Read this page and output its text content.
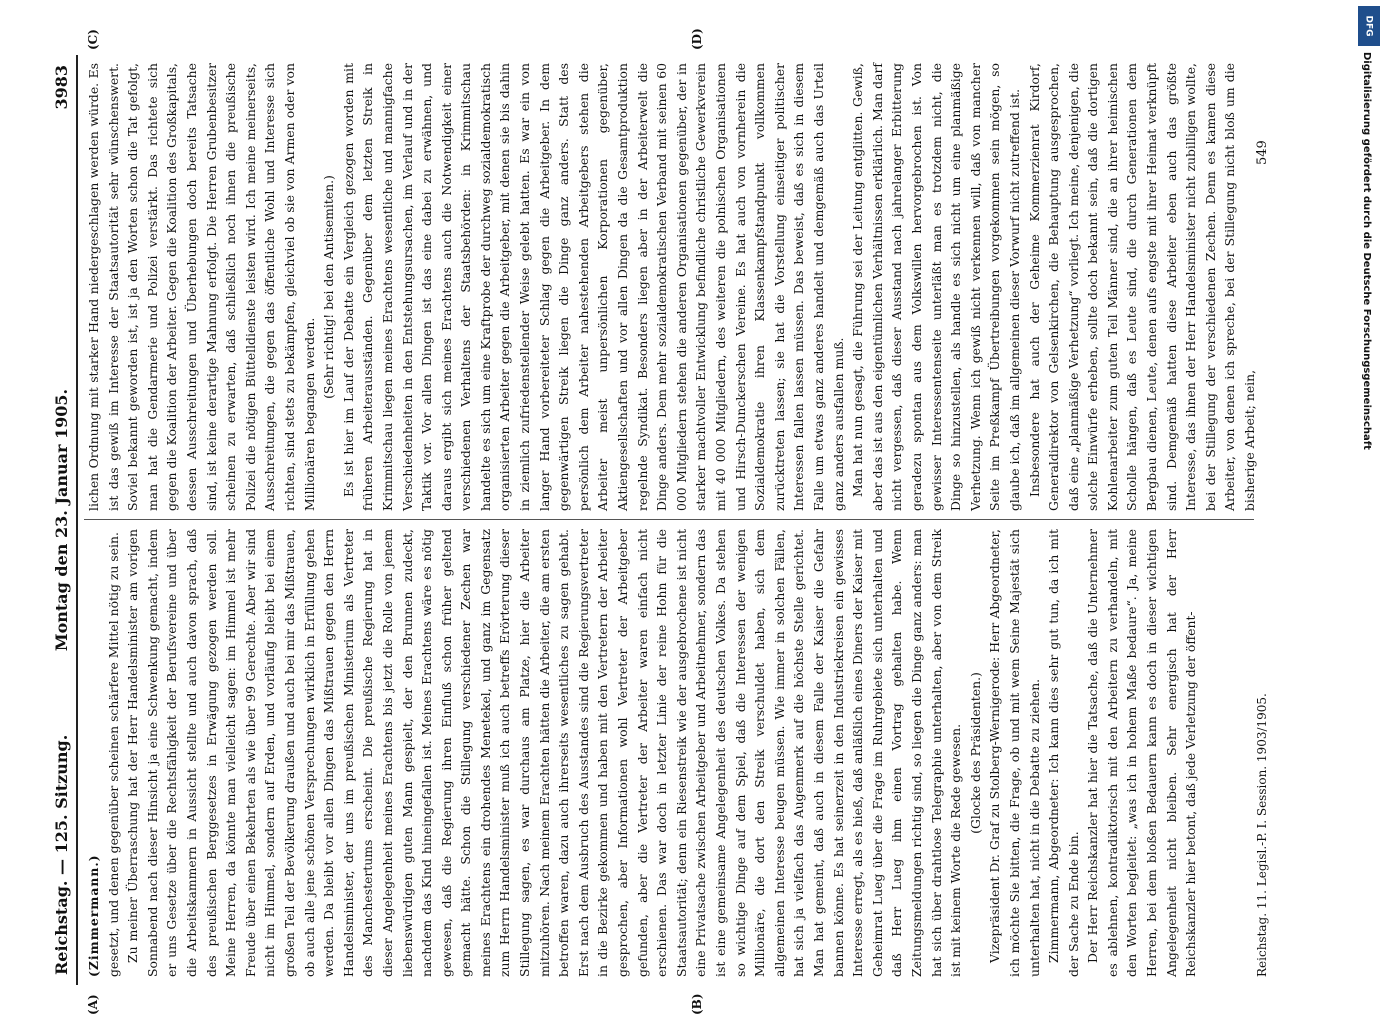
Reichstag. — 125. Sitzung.
Montag den 23. Januar 1905.
3983
(A)	(B)
(C)	(D)

(Zimmermann.) gesetzt, und denen gegenüber scheinen schärfere Mittel nötig zu sein. Zu meiner Überraschung hat der Herr Handelsminister am vorigen Sonnabend nach dieser Hinsicht ja eine Schwenkung gemacht, indem er uns Gesetze über die Rechtsfähigkeit der Berufsvereine und über die Arbeitskammern in Aussicht stellte und auch davon sprach, daß des preußischen Berggesetzes in Erwägung gezogen werden soll. Meine Herren, da könnte man vielleicht sagen: im Himmel ist mehr Freude über einen Bekehrten als wie über 99 Gerechte. Aber wir sind nicht im Himmel, sondern auf Erden, und vorläufig bleibt bei einem großen Teil der Bevölkerung draußen und auch bei mir das Mißtrauen, ob auch alle jene schönen Versprechungen wirklich in Erfüllung gehen werden. Da bleibt vor allen Dingen das Mißtrauen gegen den Herrn Handelsminister, der uns im preußischen Ministerium als Vertreter des Manchestertums erscheint. Die preußische Regierung hat in dieser Angelegenheit meines Erachtens bis jetzt die Rolle von jenem liebenswürdigen guten Mann gespielt, der den Brunnen zudeckt, nachdem das Kind hineingefallen ist. Meines Erachtens wäre es nötig gewesen, daß die Regierung ihren Einfluß schon früher geltend gemacht hätte. Schon die Stillegung verschiedener Zechen war meines Erachtens ein drohendes Menetekel, und ganz im Gegensatz zum Herrn Handelsminister muß ich auch betreffs Erörterung dieser Stillegung sagen, es war durchaus am Platze, hier die Arbeiter mitzuhören. Nach meinem Erachten hätten die Arbeiter, die am ersten betroffen waren, dazu auch ihrerseits wesentliches zu sagen gehabt. Erst nach dem Ausbruch des Ausstandes sind die Regierungsvertreter in die Bezirke gekommen und haben mit den Vertretern der Arbeiter gesprochen, aber Informationen wohl Vertreter der Arbeitgeber gefunden, aber die Vertreter der Arbeiter waren einfach nicht erschienen. Das war doch in letzter Linie der reine Hohn für die Staatsautorität; denn ein Riesenstreik wie der ausgebrochene ist nicht eine Privatsache zwischen Arbeitgeber und Arbeitnehmer, sondern das ist eine gemeinsame Angelegenheit des deutschen Volkes. Da stehen so wichtige Dinge auf dem Spiel, daß die Interessen der wenigen Millionäre, die dort den Streik verschuldet haben, sich dem allgemeinen Interesse beugen müssen. Wie immer in solchen Fällen, hat sich ja vielfach das Augenmerk auf die höchste Stelle gerichtet. Man hat gemeint, daß auch in diesem Falle der Kaiser die Gefahr bannen könne. Es hat seinerzeit in den Industriekreisen ein gewisses Interesse erregt, als es hieß, daß anläßlich eines Diners der Kaiser mit Geheimrat Lueg über die Frage im Ruhrgebiete sich unterhalten und daß Herr Lueg ihm einen Vortrag gehalten habe. Wenn Zeitungsmeldungen richtig sind, so liegen die Dinge ganz anders: man hat sich über drahtlose Telegraphie unterhalten, aber von dem Streik ist mit keinem Worte die Rede gewesen. (Glocke des Präsidenten.) Vizepräsident Dr. Graf zu Stolberg-Wernigerode: Herr Abgeordneter, ich möchte Sie bitten, die Frage, ob und mit wem Seine Majestät sich unterhalten hat, nicht in die Debatte zu ziehen. Zimmermann, Abgeordneter: Ich kann dies sehr gut tun, da ich mit der Sache zu Ende bin. Der Herr Reichskanzler hat hier die Tatsache, daß die Unternehmer es ablehnen, kontradiktorisch mit den Arbeitern zu verhandeln, mit den Worten begleitet: „was ich in hohem Maße bedaure“. Ja, meine Herren, bei dem bloßen Bedauern kann es doch in dieser wichtigen Angelegenheit nicht bleiben. Sehr energisch hat der Herr Reichskanzler hier betont, daß jede Verletzung der öffent-

lichen Ordnung mit starker Hand niedergeschlagen werden würde. Es ist das gewiß im Interesse der Staatsautorität sehr wünschenswert. Soviel bekannt geworden ist, ist ja den Worten schon die Tat gefolgt, man hat die Gendarmerie und Polizei verstärkt. Das richtete sich gegen die Koalition der Arbeiter. Gegen die Koalition des Großkapitals, dessen Ausschreitungen und Überhebungen doch bereits Tatsache sind, ist keine derartige Mahnung erfolgt. Die Herren Grubenbesitzer scheinen zu erwarten, daß schließlich noch ihnen die preußische Polizei die nötigen Büttelldienste leisten wird. Ich meine meinerseits, Ausschreitungen, die gegen das öffentliche Wohl und Interesse sich richten, sind stets zu bekämpfen, gleichviel ob sie von Armen oder von Millionären begangen werden.

(Sehr richtig! bei den Antisemiten.) Es ist hier im Lauf der Debatte ein Vergleich gezogen worden mit früheren Arbeiterausständen. Gegenüber dem letzten Streik in Krimmitschau liegen meines Erachtens wesentliche und mannigfache Verschiedenheiten in den Entstehungsursachen, im Verlauf und in der Taktik vor. Vor allen Dingen ist das eine dabei zu erwähnen, und daraus ergibt sich meines Erachtens auch die Notwendigkeit einer verschiedenen Verhaltens der Staatsbehörden: in Krimmitschau handelte es sich um eine Kraftprobe der durchweg sozialdemokratisch organisierten Arbeiter gegen die Arbeitgeber, mit denen sie bis dahin in ziemlich zufriedenstellender Weise gelebt hatten. Es war ein von langer Hand vorbereiteter Schlag gegen die Arbeitgeber. In dem gegenwärtigen Streik liegen die Dinge ganz anders. Statt des persönlich dem Arbeiter nahestehenden Arbeitgebers stehen die Arbeiter meist unpersönlichen Korporationen gegenüber, Aktiengesellschaften und vor allen Dingen da die Gesamtproduktion regelnde Syndikat. Besonders liegen aber in der Arbeiterwelt die Dinge anders. Dem mehr sozialdemokratischen Verband mit seinen 60 000 Mitgliedern stehen die anderen Organisationen gegenüber, der in starker machtvoller Entwicklung befindliche christliche Gewerkverein mit 40 000 Mitgliedern, des weiteren die polnischen Organisationen und Hirsch-Dunckerschen Vereine. Es hat auch von vornherein die Sozialdemokratie ihren Klassenkampfstandpunkt vollkommen zurücktreten lassen; sie hat die Vorstellung einseitiger politischer Interessen fallen lassen müssen. Das beweist, daß es sich in diesem Falle um etwas ganz anderes handelt und demgemäß auch das Urteil ganz anders ausfallen muß. Man hat nun gesagt, die Führung sei der Leitung entglitten. Gewiß, aber das ist aus den eigentümlichen Verhältnissen erklärlich. Man darf nicht vergessen, daß dieser Ausstand nach jahrelanger Erbitterung geradezu spontan aus dem Volkswillen hervorgebrochen ist. Von gewisser Interessentenseite unterläßt man es trotzdem nicht, die Dinge so hinzustellen, als handle es sich nicht um eine planmäßige Verhetzung. Wenn ich gewiß nicht verkennen will, daß von mancher Seite im Preßkampf Übertreibungen vorgekommen sein mögen, so glaube ich, daß im allgemeinen dieser Vorwurf nicht zutreffend ist. Insbesondere hat auch der Geheime Kommerzienrat Kirdorf, Generaldirektor von Gelsenkirchen, die Behauptung ausgesprochen, daß eine „planmäßige Verhetzung“ vorliegt. Ich meine, denjenigen, die solche Einwürfe erheben, sollte doch bekannt sein, daß die dortigen Kohlenarbeiter zum guten Teil Männer sind, die an ihrer heimischen Scholle hängen, daß es Leute sind, die durch Generationen dem Bergbau dienen, Leute, denen aufs engste mit ihrer Heimat verknüpft sind. Demgemäß hatten diese Arbeiter eben auch das größte Interesse, das ihnen der Herr Handelsminister nicht zubilligen wollte, bei der Stillegung der verschiedenen Zechen. Denn es kamen diese Arbeiter, von denen ich spreche, bei der Stillegung nicht bloß um die bisherige Arbeit; nein,

Reichstag. 11. Legisl.-P. I. Session. 1903/1905.
549
DFG
Digitalisierung gefördert durch die Deutsche Forschungsgemeinschaft
